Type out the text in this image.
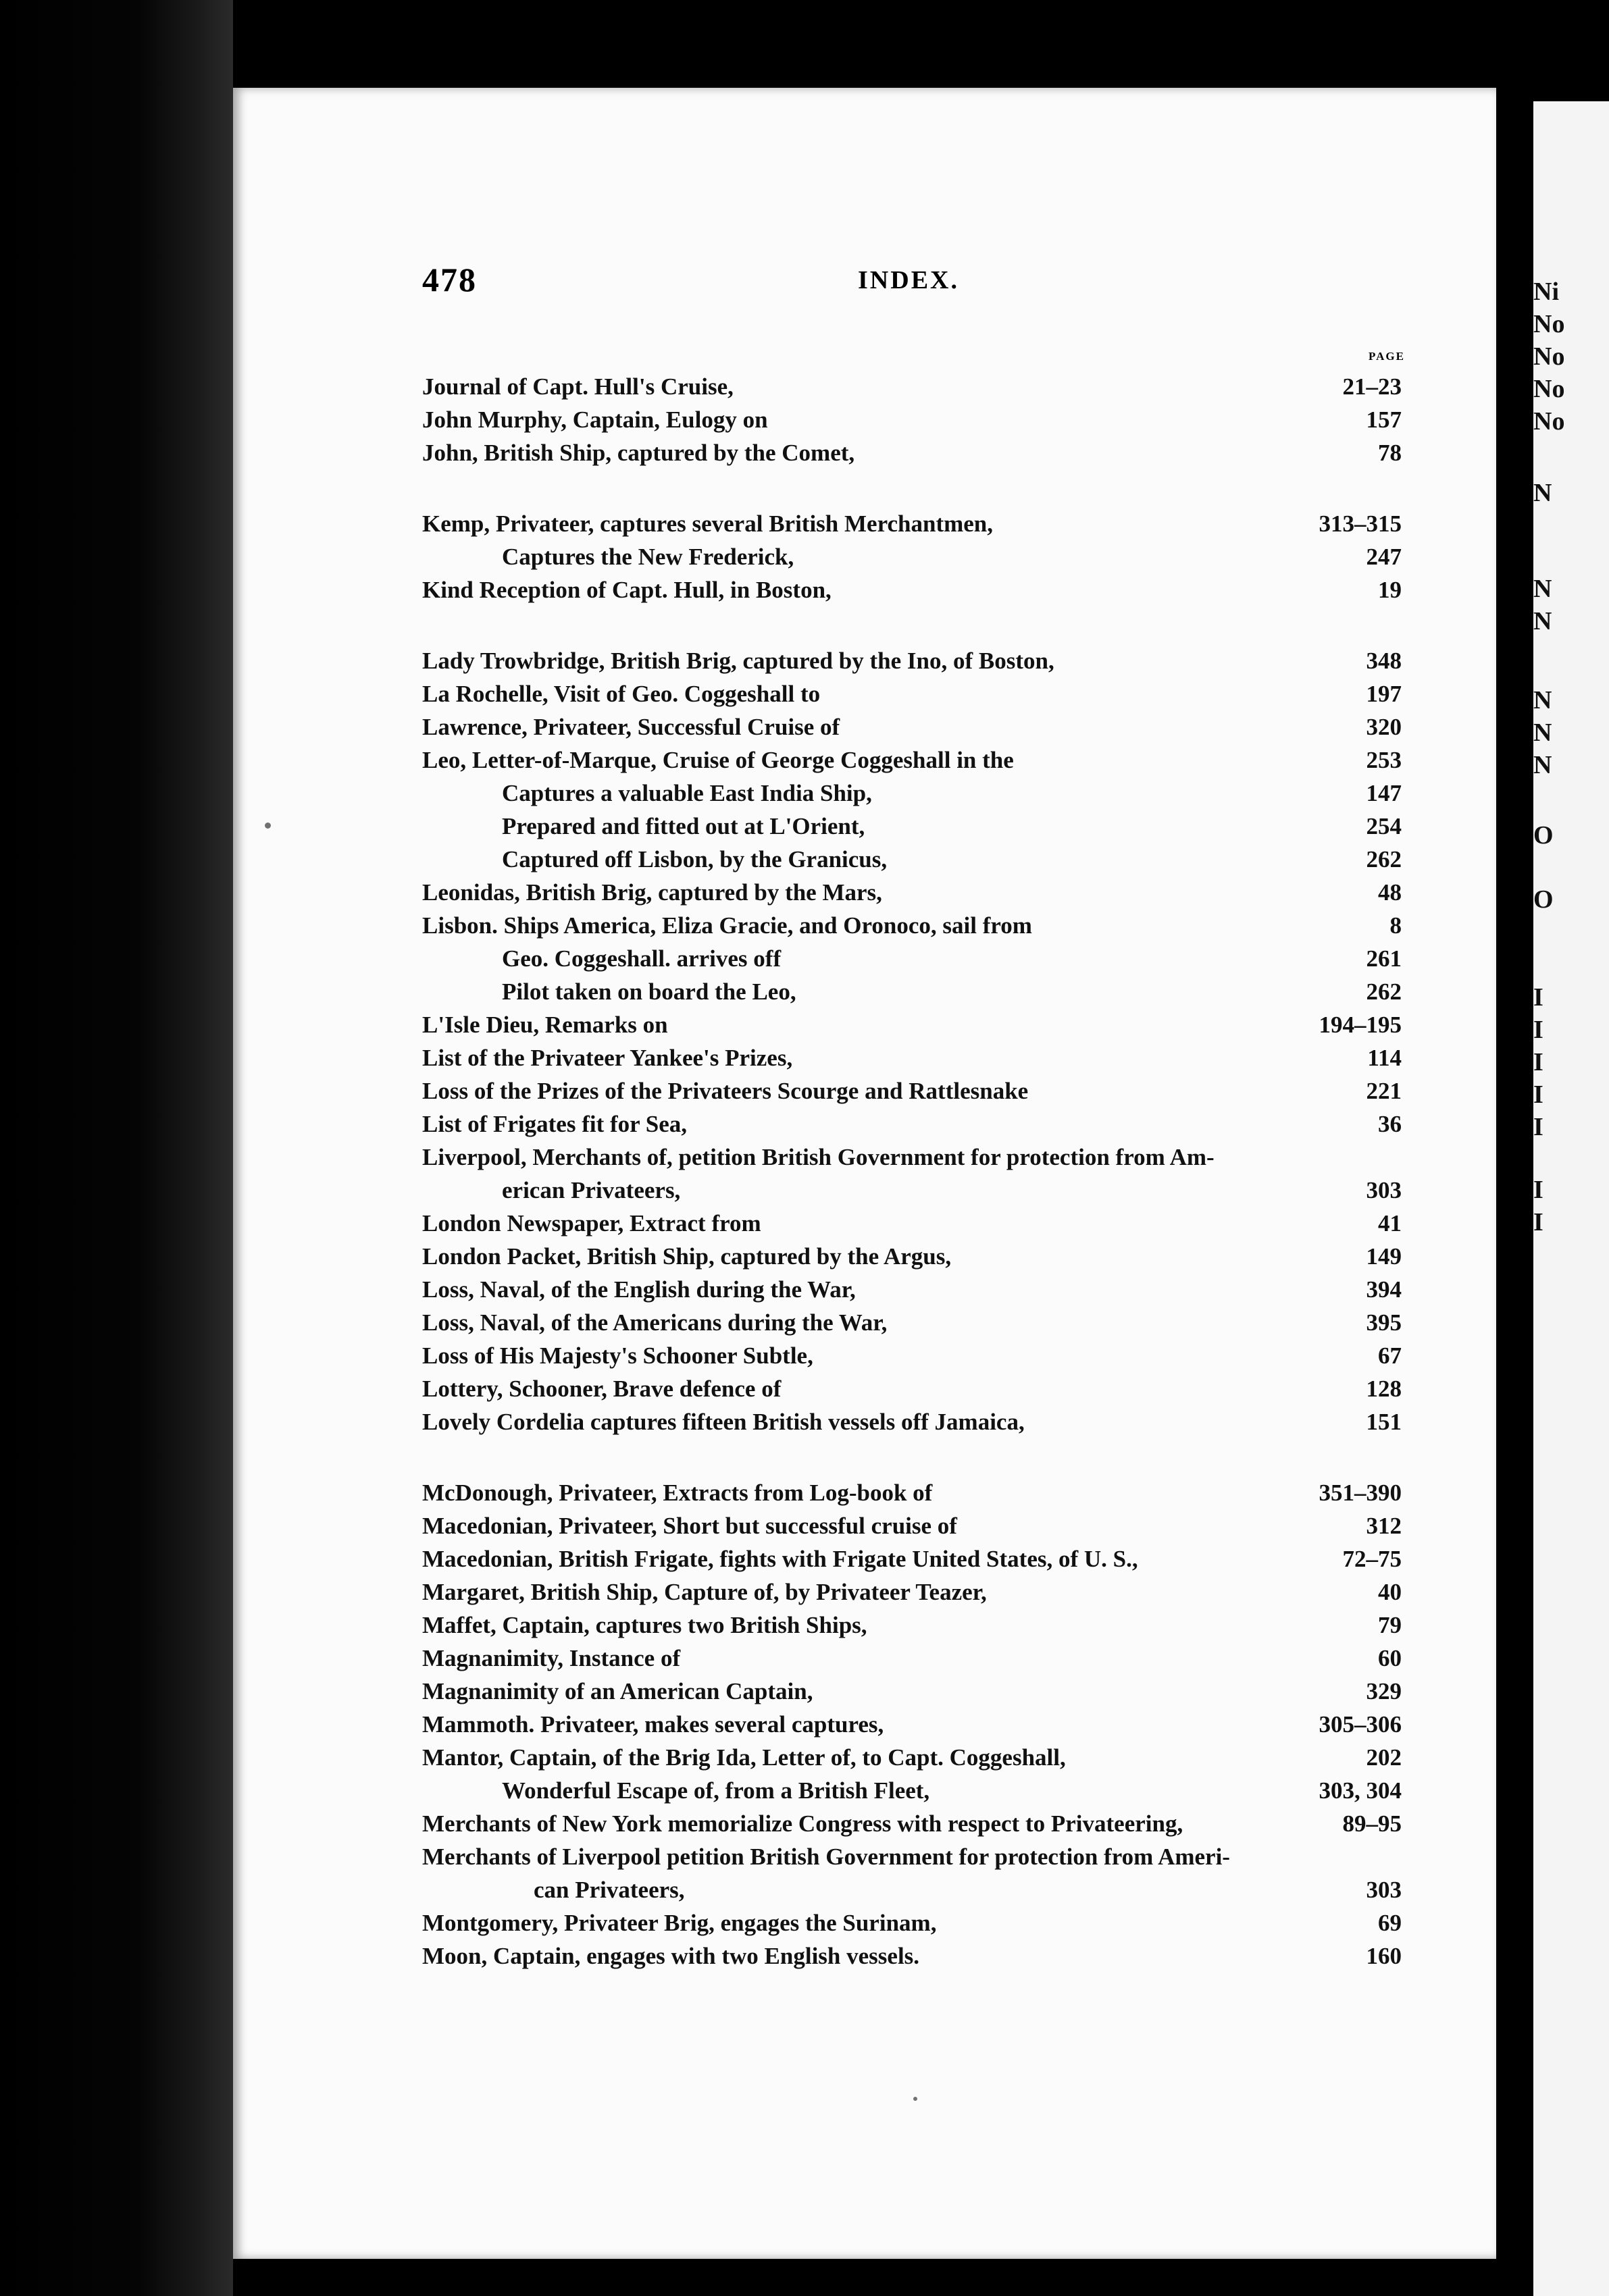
Ni
No
No
No
No
N
N
N
N
N
N
O
O
I
I
I
I
I
I
I
478	INDEX.
PAGE
Journal of Capt. Hull's Cruise,	21–23
John Murphy, Captain, Eulogy on	157
John, British Ship, captured by the Comet,	78
Kemp, Privateer, captures several British Merchantmen,	313–315
Captures the New Frederick,	247
Kind Reception of Capt. Hull, in Boston,	19
Lady Trowbridge, British Brig, captured by the Ino, of Boston,	348
La Rochelle, Visit of Geo. Coggeshall to	197
Lawrence, Privateer, Successful Cruise of	320
Leo, Letter-of-Marque, Cruise of George Coggeshall in the	253
Captures a valuable East India Ship,	147
Prepared and fitted out at L'Orient,	254
Captured off Lisbon, by the Granicus,	262
Leonidas, British Brig, captured by the Mars,	48
Lisbon. Ships America, Eliza Gracie, and Oronoco, sail from	8
Geo. Coggeshall. arrives off	261
Pilot taken on board the Leo,	262
L'Isle Dieu, Remarks on	194–195
List of the Privateer Yankee's Prizes,	114
Loss of the Prizes of the Privateers Scourge and Rattlesnake	221
List of Frigates fit for Sea,	36
Liverpool, Merchants of, petition British Government for protection from Am-
erican Privateers,	303
London Newspaper, Extract from	41
London Packet, British Ship, captured by the Argus,	149
Loss, Naval, of the English during the War,	394
Loss, Naval, of the Americans during the War,	395
Loss of His Majesty's Schooner Subtle,	67
Lottery, Schooner, Brave defence of	128
Lovely Cordelia captures fifteen British vessels off Jamaica,	151
McDonough, Privateer, Extracts from Log-book of	351–390
Macedonian, Privateer, Short but successful cruise of	312
Macedonian, British Frigate, fights with Frigate United States, of U. S.,	72–75
Margaret, British Ship, Capture of, by Privateer Teazer,	40
Maffet, Captain, captures two British Ships,	79
Magnanimity, Instance of	60
Magnanimity of an American Captain,	329
Mammoth. Privateer, makes several captures,	305–306
Mantor, Captain, of the Brig Ida, Letter of, to Capt. Coggeshall,	202
Wonderful Escape of, from a British Fleet,	303, 304
Merchants of New York memorialize Congress with respect to Privateering,	89–95
Merchants of Liverpool petition British Government for protection from Ameri-
can Privateers,	303
Montgomery, Privateer Brig, engages the Surinam,	69
Moon, Captain, engages with two English vessels.	160
